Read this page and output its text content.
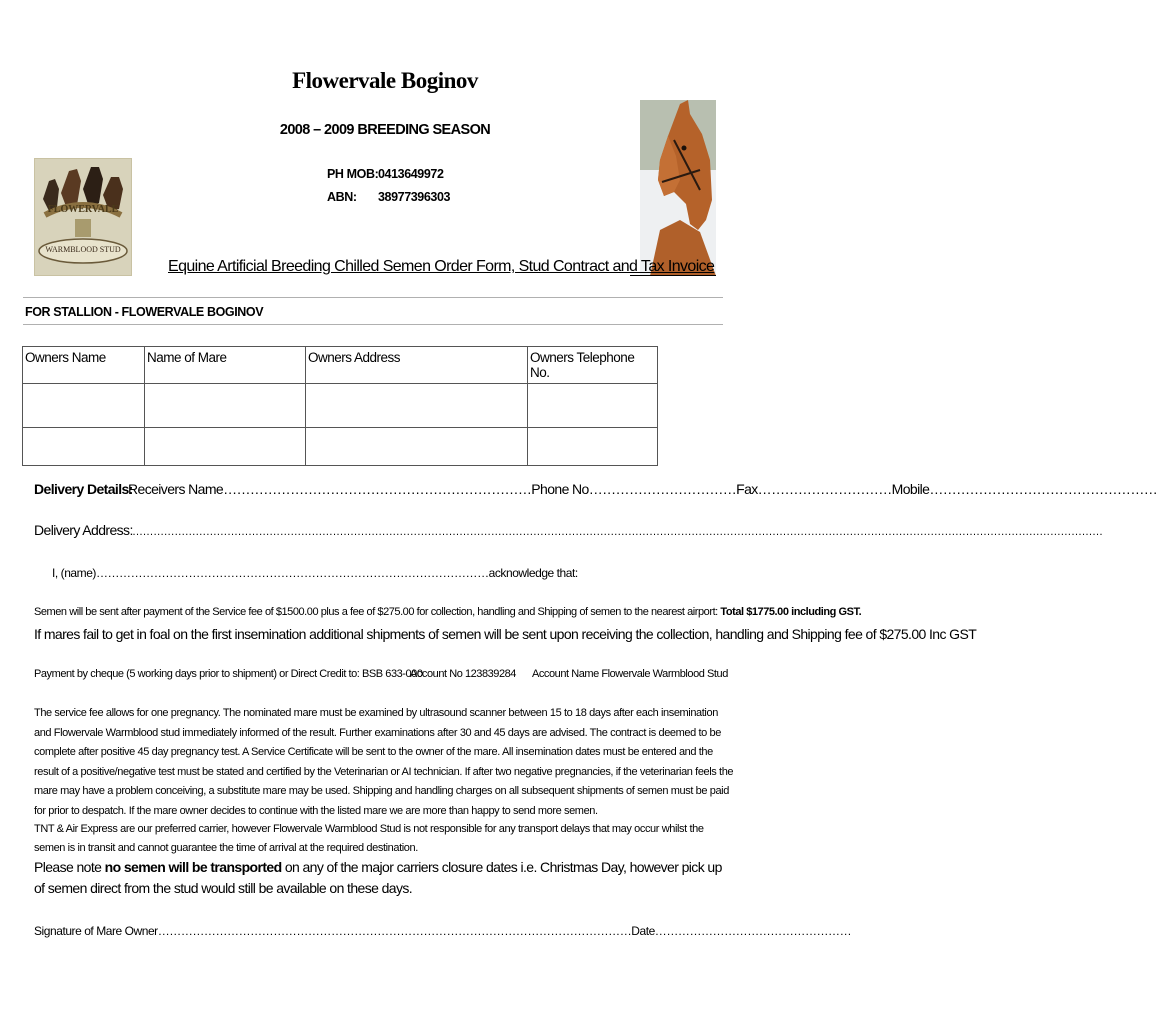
Flowervale Boginov
2008 – 2009 BREEDING SEASON
PH MOB: 0413649972
ABN: 38977396303
FLOWERVALE
WARMBLOOD STUD
Equine Artificial Breeding Chilled Semen Order Form, Stud Contract and Tax Invoice
FOR STALLION - FLOWERVALE BOGINOV
Owners Name	Name of Mare	Owners Address	Owners Telephone No.

Delivery Details:
Receivers Name……………………………………………………………Phone No……………………………Fax…………………………Mobile……………………………………………
Delivery Address: ……………………………………………………………………………………………………………………………………………………………………………………………………………………………………………………
I, (name)…………………………………………………………………………………………acknowledge that:
Semen will be sent after payment of the Service fee of $1500.00 plus a fee of $275.00 for collection, handling and Shipping of semen to the nearest airport: Total $1775.00 including GST.
If mares fail to get in foal on the first insemination additional shipments of semen will be sent upon receiving the collection, handling and Shipping fee of $275.00 Inc GST
Payment by cheque (5 working days prior to shipment) or Direct Credit to: BSB 633-000
Account No 123839284 Account Name Flowervale Warmblood Stud
The service fee allows for one pregnancy. The nominated mare must be examined by ultrasound scanner between 15 to 18 days after each insemination and Flowervale Warmblood stud immediately informed of the result. Further examinations after 30 and 45 days are advised. The contract is deemed to be complete after positive 45 day pregnancy test. A Service Certificate will be sent to the owner of the mare. All insemination dates must be entered and the result of a positive/negative test must be stated and certified by the Veterinarian or AI technician. If after two negative pregnancies, if the veterinarian feels the mare may have a problem conceiving, a substitute mare may be used. Shipping and handling charges on all subsequent shipments of semen must be paid for prior to despatch. If the mare owner decides to continue with the listed mare we are more than happy to send more semen.
TNT & Air Express are our preferred carrier, however Flowervale Warmblood Stud is not responsible for any transport delays that may occur whilst the semen is in transit and cannot guarantee the time of arrival at the required destination.
Please note no semen will be transported on any of the major carriers closure dates i.e. Christmas Day, however pick up of semen direct from the stud would still be available on these days.
Signature of Mare Owner……………………………………………………………………………………………………………Date……………………………………………
